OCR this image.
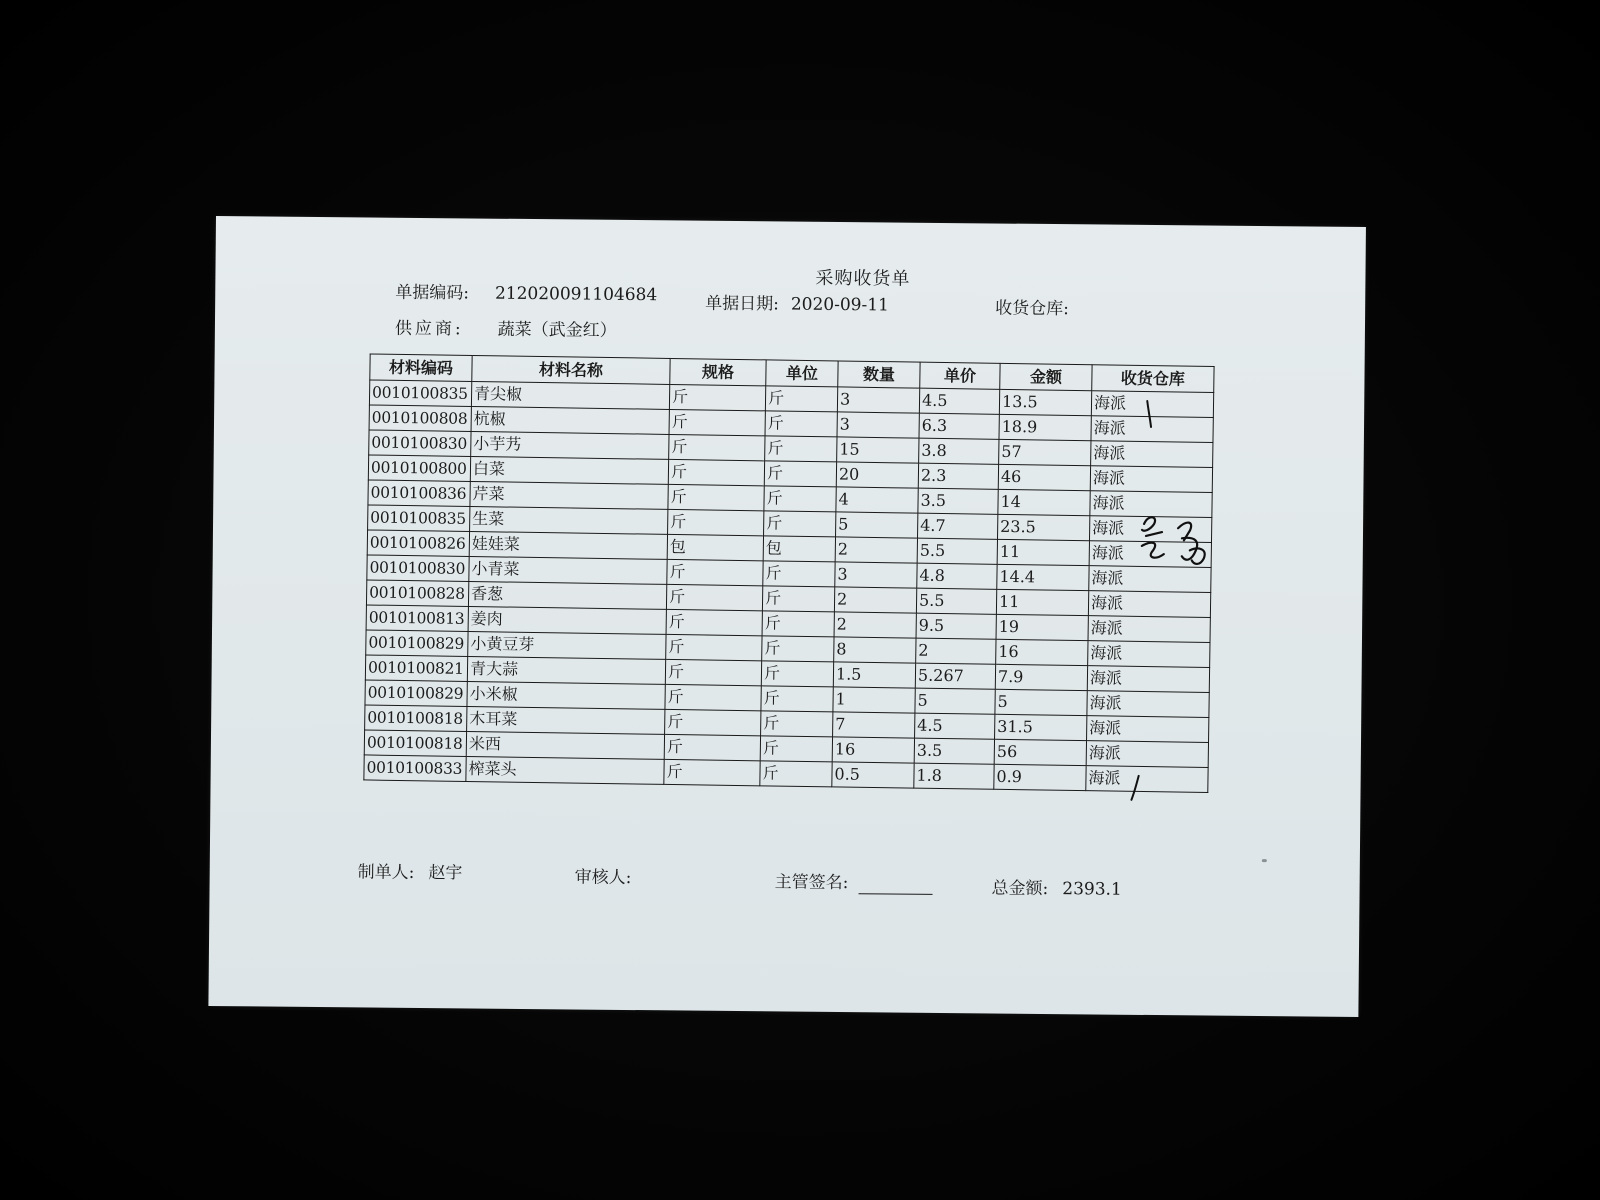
采购收货单
单据编码: 212020091104684	单据日期: 2020-09-11	收货仓库:
供应商: 蔬菜（武金红）
材料编码	材料名称	规格	单位	数量	单价	金额	收货仓库
0010100835	青尖椒	斤	斤	3	4.5	13.5	海派
0010100808	杭椒	斤	斤	3	6.3	18.9	海派
0010100830	小芋艿	斤	斤	15	3.8	57	海派
0010100800	白菜	斤	斤	20	2.3	46	海派
0010100836	芹菜	斤	斤	4	3.5	14	海派
0010100835	生菜	斤	斤	5	4.7	23.5	海派
0010100826	娃娃菜	包	包	2	5.5	11	海派
0010100830	小青菜	斤	斤	3	4.8	14.4	海派
0010100828	香葱	斤	斤	2	5.5	11	海派
0010100813	姜肉	斤	斤	2	9.5	19	海派
0010100829	小黄豆芽	斤	斤	8	2	16	海派
0010100821	青大蒜	斤	斤	1.5	5.267	7.9	海派
0010100829	小米椒	斤	斤	1	5	5	海派
0010100818	木耳菜	斤	斤	7	4.5	31.5	海派
0010100818	米西	斤	斤	16	3.5	56	海派
0010100833	榨菜头	斤	斤	0.5	1.8	0.9	海派
制单人: 赵宇	审核人:	主管签名:	总金额: 2393.1
